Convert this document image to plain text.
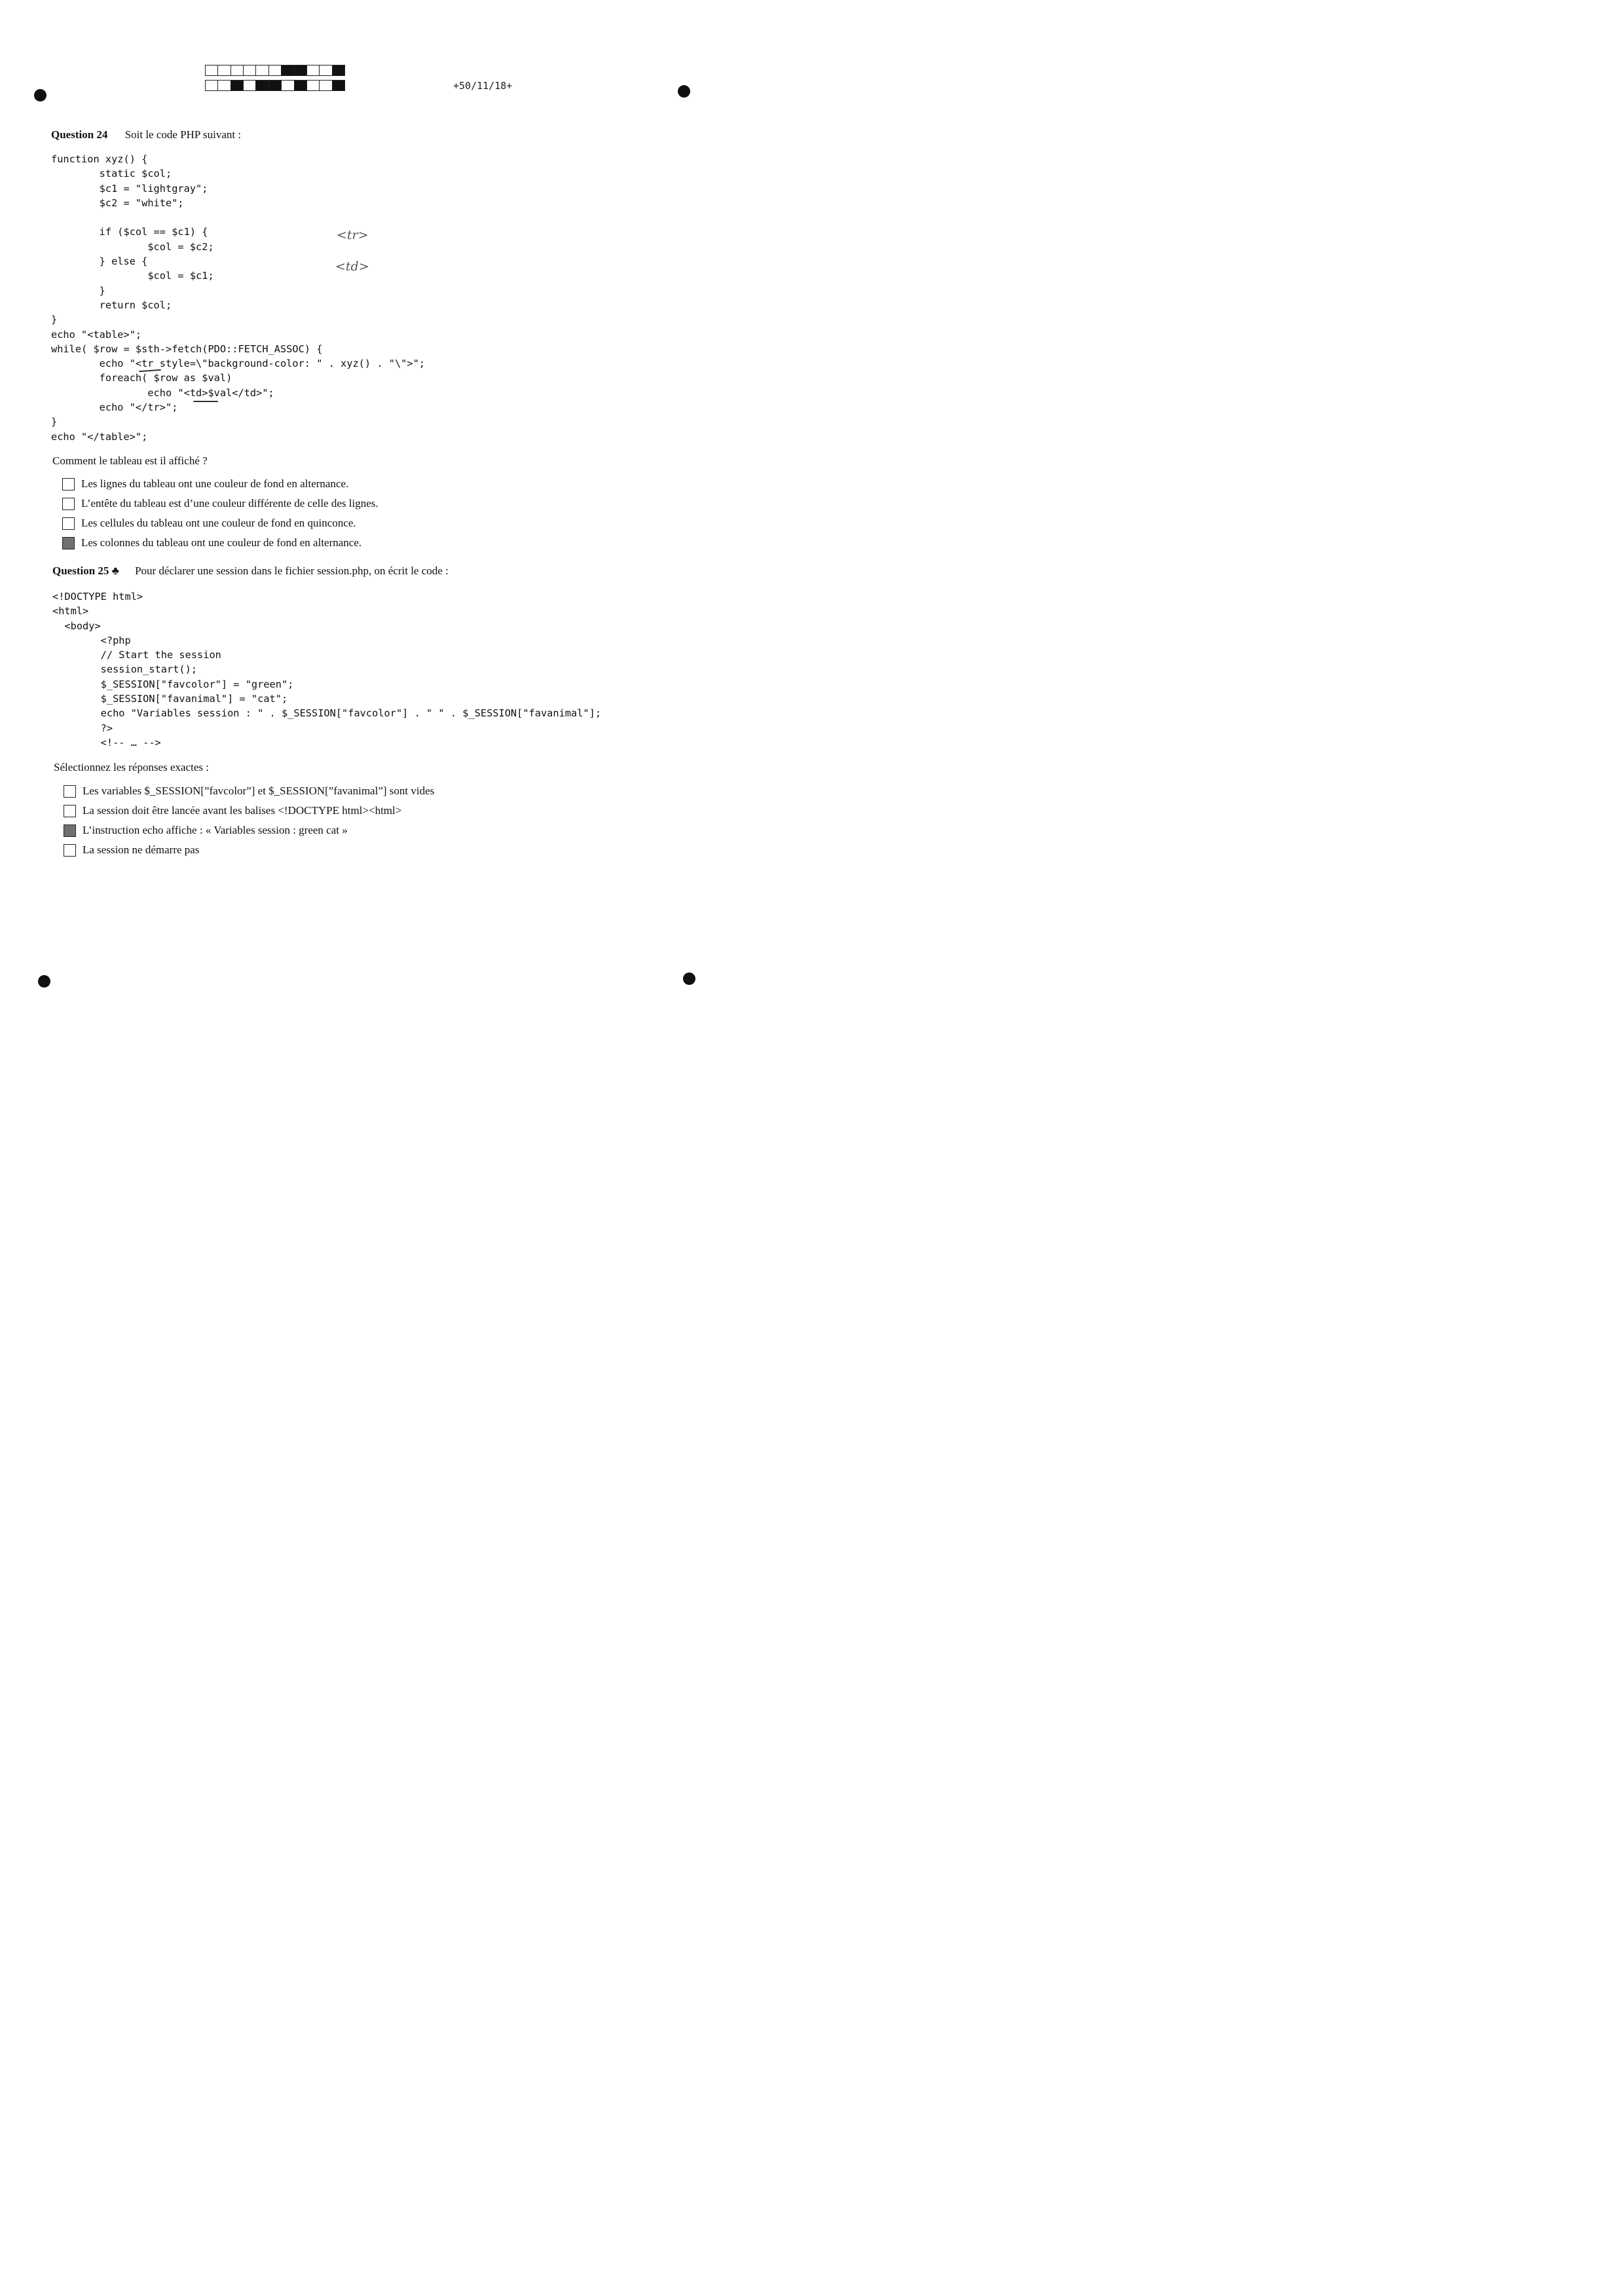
+50/11/18+
Question 24 Soit le code PHP suivant :
function xyz() {
static $col;
$c1 = "lightgray";
$c2 = "white";

if ($col == $c1) {
$col = $c2;
} else {
$col = $c1;
}
return $col;
}
echo "<table>";
while( $row = $sth->fetch(PDO::FETCH_ASSOC) {
echo "<tr style=\"background-color: " . xyz() . "\">";
foreach( $row as $val)
echo "<td>$val</td>";
echo "</tr>";
}
echo "</table>";
<tr>
<td>
Comment le tableau est il affiché ?
Les lignes du tableau ont une couleur de fond en alternance.
L’entête du tableau est d’une couleur différente de celle des lignes.
Les cellules du tableau ont une couleur de fond en quinconce.
Les colonnes du tableau ont une couleur de fond en alternance.
Question 25 ♣ Pour déclarer une session dans le fichier session.php, on écrit le code :
<!DOCTYPE html>
<html>
<body>
<?php
// Start the session
session_start();
$_SESSION["favcolor"] = "green";
$_SESSION["favanimal"] = "cat";
echo "Variables session : " . $_SESSION["favcolor"] . " " . $_SESSION["favanimal"];
?>
<!-- … -->
Sélectionnez les réponses exactes :
Les variables $_SESSION[”favcolor”] et $_SESSION[”favanimal”] sont vides
La session doit être lancée avant les balises <!DOCTYPE html><html>
L’instruction echo affiche : « Variables session : green cat »
La session ne démarre pas
